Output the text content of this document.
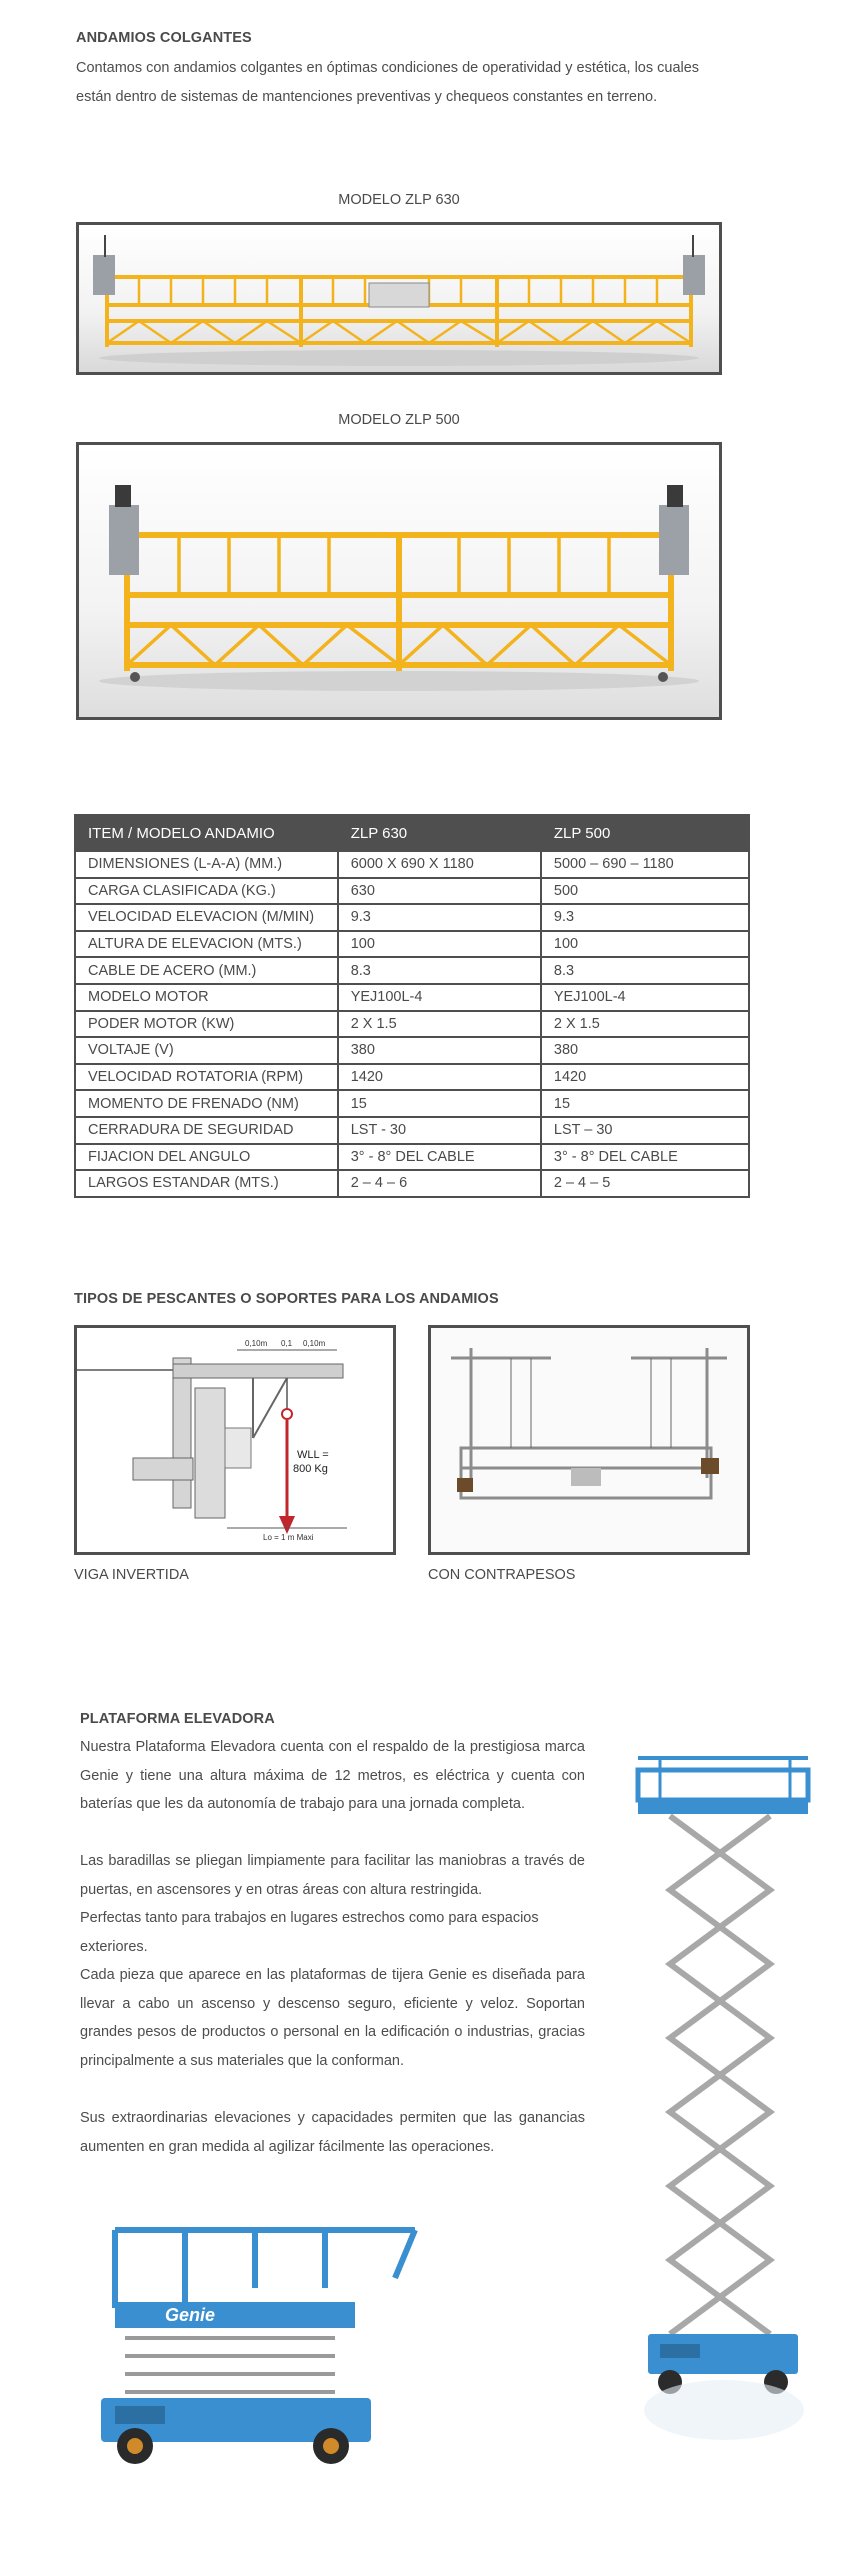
ANDAMIOS COLGANTES
Contamos con andamios colgantes en óptimas condiciones de operatividad y estética, los cuales están dentro de sistemas de mantenciones preventivas y chequeos constantes en terreno.
MODELO ZLP 630
MODELO ZLP 500
ITEM / MODELO ANDAMIO	ZLP 630	ZLP 500
DIMENSIONES (L-A-A) (MM.)	6000 X 690 X 1180	5000 – 690 – 1180
CARGA CLASIFICADA (KG.)	630	500
VELOCIDAD ELEVACION (M/MIN)	9.3	9.3
ALTURA DE ELEVACION (MTS.)	100	100
CABLE DE ACERO (MM.)	8.3	8.3
MODELO MOTOR	YEJ100L-4	YEJ100L-4
PODER MOTOR (KW)	2 X 1.5	2 X 1.5
VOLTAJE (V)	380	380
VELOCIDAD ROTATORIA (RPM)	1420	1420
MOMENTO DE FRENADO (NM)	15	15
CERRADURA DE SEGURIDAD	LST - 30	LST – 30
FIJACION DEL ANGULO	3° - 8° DEL CABLE	3° - 8° DEL CABLE
LARGOS ESTANDAR (MTS.)	2 – 4 – 6	2 – 4 – 5
TIPOS DE PESCANTES O SOPORTES PARA LOS ANDAMIOS
0,10m 0,1 0,10m
WLL =
800 Kg
Lo = 1 m Maxi
VIGA INVERTIDA	CON CONTRAPESOS
PLATAFORMA ELEVADORA
Nuestra Plataforma Elevadora cuenta con el respaldo de la prestigiosa marca Genie y tiene una altura máxima de 12 metros, es eléctrica y cuenta con baterías que les da autonomía de trabajo para una jornada completa.
Las baradillas se pliegan limpiamente para facilitar las maniobras a través de puertas, en ascensores y en otras áreas con altura restringida.
Perfectas tanto para trabajos en lugares estrechos como para espacios exteriores.
Cada pieza que aparece en las plataformas de tijera Genie es diseñada para llevar a cabo un ascenso y descenso seguro, eficiente y veloz. Soportan grandes pesos de productos o personal en la edificación o industrias, gracias principalmente a sus materiales que la conforman.
Sus extraordinarias elevaciones y capacidades permiten que las ganancias aumenten en gran medida al agilizar fácilmente las operaciones.
Genie
